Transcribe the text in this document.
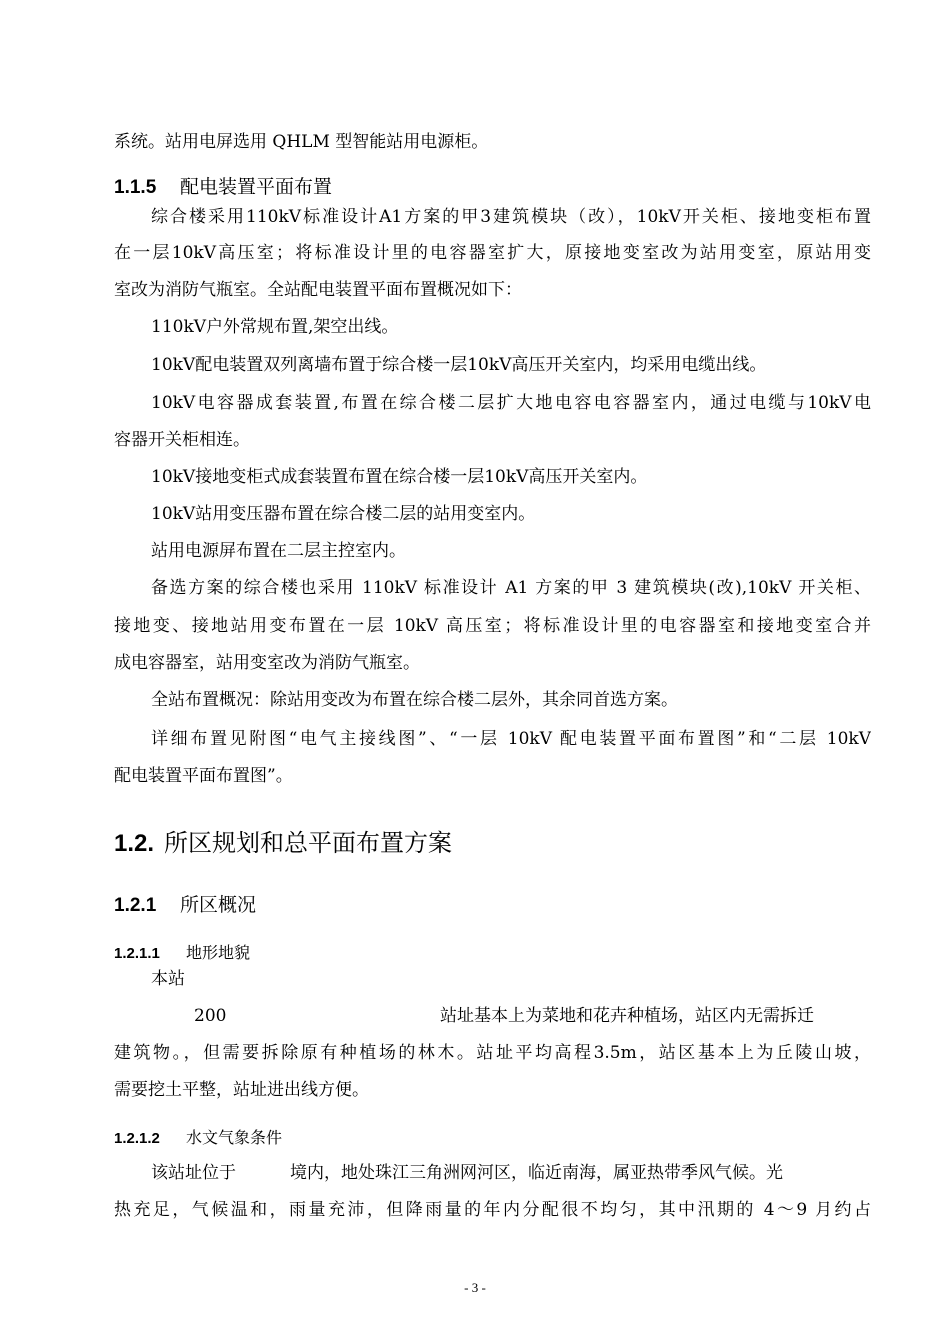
系统。站用电屏选用 QHLM 型智能站用电源柜。
1.1.5 配电装置平面布置
综合楼采用110kV标准设计A1方案的甲3建筑模块（改），10kV开关柜、接地变柜布置
在一层10kV高压室；将标准设计里的电容器室扩大，原接地变室改为站用变室，原站用变
室改为消防气瓶室。全站配电装置平面布置概况如下：
110kV户外常规布置,架空出线。
10kV配电装置双列离墙布置于综合楼一层10kV高压开关室内，均采用电缆出线。
10kV电容器成套装置,布置在综合楼二层扩大地电容电容器室内，通过电缆与10kV电
容器开关柜相连。
10kV接地变柜式成套装置布置在综合楼一层10kV高压开关室内。
10kV站用变压器布置在综合楼二层的站用变室内。
站用电源屏布置在二层主控室内。
备选方案的综合楼也采用 110kV 标准设计 A1 方案的甲 3 建筑模块(改),10kV 开关柜、
接地变、接地站用变布置在一层 10kV 高压室；将标准设计里的电容器室和接地变室合并
成电容器室，站用变室改为消防气瓶室。
全站布置概况：除站用变改为布置在综合楼二层外，其余同首选方案。
详细布置见附图“电气主接线图”、“一层 10kV 配电装置平面布置图”和“二层 10kV
配电装置平面布置图”。
1.2. 所区规划和总平面布置方案
1.2.1 所区概况
1.2.1.1 地形地貌
本站
200	站址基本上为菜地和花卉种植场，站区内无需拆迁
建筑物。，但需要拆除原有种植场的林木。站址平均高程3.5m，站区基本上为丘陵山坡，
需要挖土平整，站址进出线方便。
1.2.1.2 水文气象条件
该站址位于          境内，地处珠江三角洲网河区，临近南海，属亚热带季风气候。光
热充足，气候温和，雨量充沛，但降雨量的年内分配很不均匀，其中汛期的 4～9 月约占
- 3 -
